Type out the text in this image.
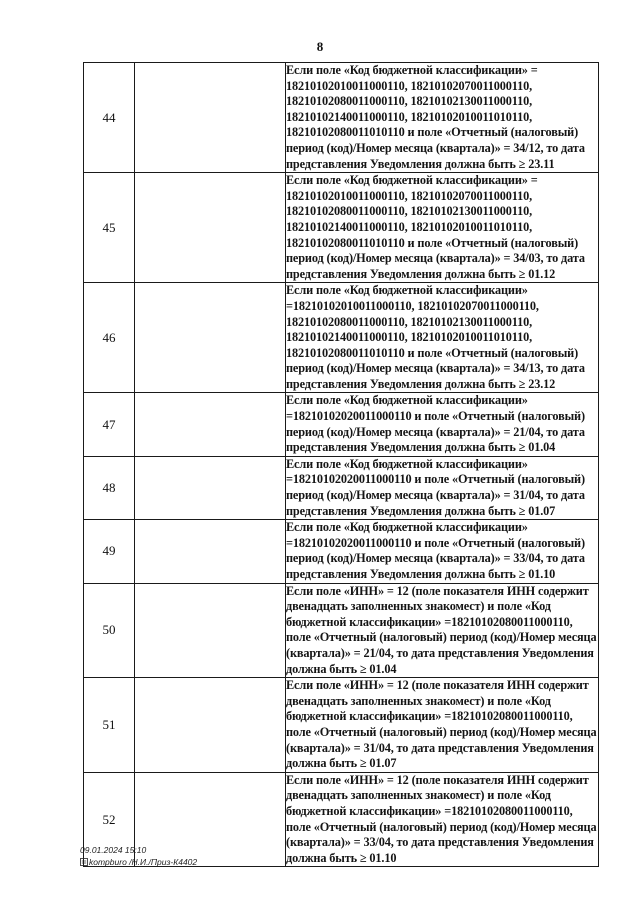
8
44		Если поле «Код бюджетной классификации» = 18210102010011000110, 18210102070011000110, 18210102080011000110, 18210102130011000110, 18210102140011000110, 18210102010011010110, 18210102080011010110 и поле «Отчетный (налоговый) период (код)/Номер месяца (квартала)» = 34/12, то дата представления Уведомления должна быть ≥ 23.11
45		Если поле «Код бюджетной классификации» = 18210102010011000110, 18210102070011000110, 18210102080011000110, 18210102130011000110, 18210102140011000110, 18210102010011010110, 18210102080011010110 и поле «Отчетный (налоговый) период (код)/Номер месяца (квартала)» = 34/03, то дата представления Уведомления должна быть ≥ 01.12
46		Если поле «Код бюджетной классификации» =18210102010011000110, 18210102070011000110, 18210102080011000110, 18210102130011000110, 18210102140011000110, 18210102010011010110, 18210102080011010110 и поле «Отчетный (налоговый) период (код)/Номер месяца (квартала)» = 34/13, то дата представления Уведомления должна быть ≥ 23.12
47		Если поле «Код бюджетной классификации» =18210102020011000110 и поле «Отчетный (налоговый) период (код)/Номер месяца (квартала)» = 21/04, то дата представления Уведомления должна быть ≥ 01.04
48		Если поле «Код бюджетной классификации» =18210102020011000110 и поле «Отчетный (налоговый) период (код)/Номер месяца (квартала)» = 31/04, то дата представления Уведомления должна быть ≥ 01.07
49		Если поле «Код бюджетной классификации» =18210102020011000110 и поле «Отчетный (налоговый) период (код)/Номер месяца (квартала)» = 33/04, то дата представления Уведомления должна быть ≥ 01.10
50		Если поле «ИНН» = 12 (поле показателя ИНН содержит двенадцать заполненных знакомест) и поле «Код бюджетной классификации» =18210102080011000110, поле «Отчетный (налоговый) период (код)/Номер месяца (квартала)» = 21/04, то дата представления Уведомления должна быть ≥ 01.04
51		Если поле «ИНН» = 12 (поле показателя ИНН содержит двенадцать заполненных знакомест) и поле «Код бюджетной классификации» =18210102080011000110, поле «Отчетный (налоговый) период (код)/Номер месяца (квартала)» = 31/04, то дата представления Уведомления должна быть ≥ 01.07
52		Если поле «ИНН» = 12 (поле показателя ИНН содержит двенадцать заполненных знакомест) и поле «Код бюджетной классификации» =18210102080011000110, поле «Отчетный (налоговый) период (код)/Номер месяца (квартала)» = 33/04, то дата представления Уведомления должна быть ≥ 01.10
09.01.2024 15:10
kompburo /Н.И./Приз-К4402
